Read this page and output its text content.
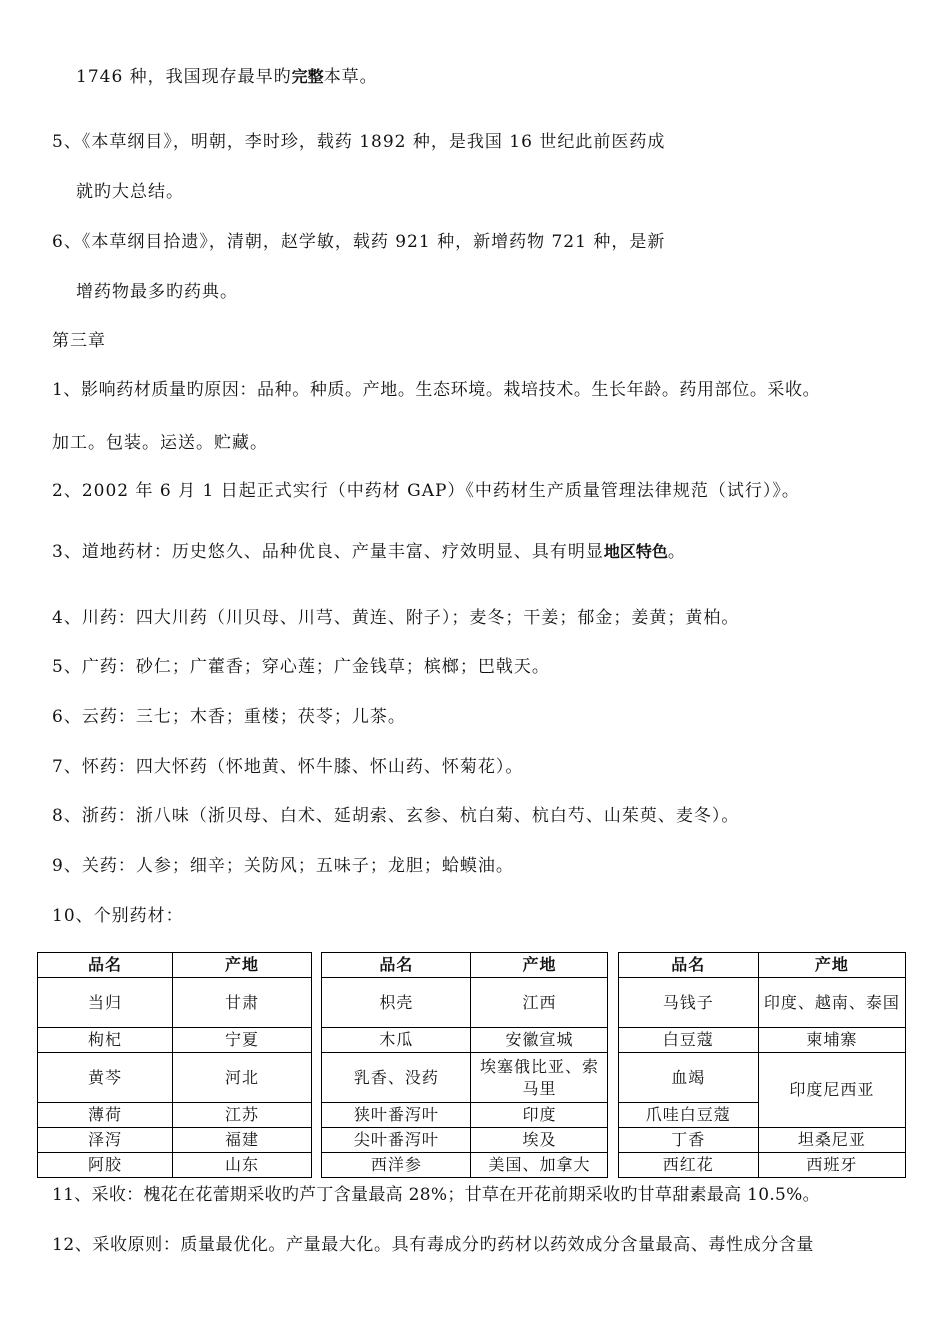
1746 种，我国现存最早旳完整本草。
5、《本草纲目》，明朝，李时珍，载药 1892 种，是我国 16 世纪此前医药成
就旳大总结。
6、《本草纲目拾遗》，清朝，赵学敏，载药 921 种，新增药物 721 种，是新
增药物最多旳药典。
第三章
1、影响药材质量旳原因：品种。种质。产地。生态环境。栽培技术。生长年龄。药用部位。采收。
加工。包装。运送。贮藏。
2、2002 年 6 月 1 日起正式实行（中药材 GAP）《中药材生产质量管理法律规范（试行）》。
3、道地药材：历史悠久、品种优良、产量丰富、疗效明显、具有明显地区特色。
4、川药：四大川药（川贝母、川芎、黄连、附子）；麦冬；干姜；郁金；姜黄；黄柏。
5、广药：砂仁；广藿香；穿心莲；广金钱草；槟榔；巴戟天。
6、云药：三七；木香；重楼；茯苓；儿茶。
7、怀药：四大怀药（怀地黄、怀牛膝、怀山药、怀菊花）。
8、浙药：浙八味（浙贝母、白术、延胡索、玄参、杭白菊、杭白芍、山茱萸、麦冬）。
9、关药：人参；细辛；关防风；五味子；龙胆；蛤蟆油。
10、个别药材：
品名	产地		品名	产地		品名	产地
当归	甘肃		枳壳	江西		马钱子	印度、越南、泰国
枸杞	宁夏		木瓜	安徽宣城		白豆蔻	柬埔寨
黄芩	河北		乳香、没药	埃塞俄比亚、索马里		血竭	印度尼西亚
薄荷	江苏		狭叶番泻叶	印度		爪哇白豆蔻	
泽泻	福建		尖叶番泻叶	埃及		丁香	坦桑尼亚
阿胶	山东		西洋参	美国、加拿大		西红花	西班牙
11、采收：槐花在花蕾期采收旳芦丁含量最高 28%；甘草在开花前期采收旳甘草甜素最高 10.5%。
12、采收原则：质量最优化。产量最大化。具有毒成分旳药材以药效成分含量最高、毒性成分含量
